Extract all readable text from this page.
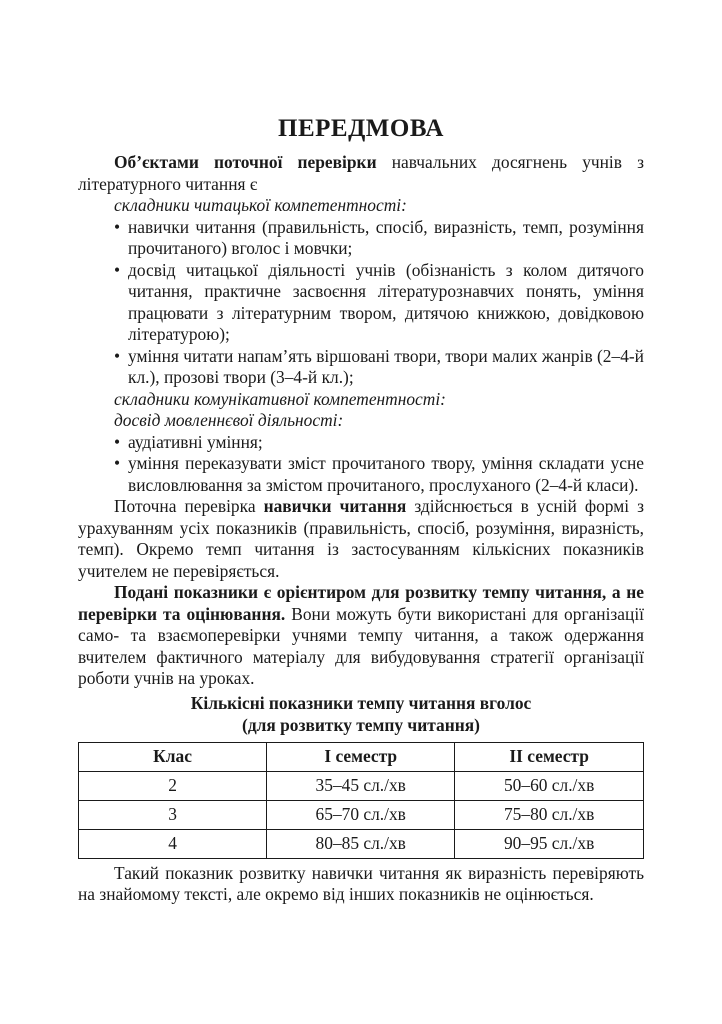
ПЕРЕДМОВА

Об’єктами поточної перевірки навчальних досягнень учнів з літературного читання є

складники читацької компетентності:
• навички читання (правильність, спосіб, виразність, темп, розуміння прочитаного) вголос і мовчки;
• досвід читацької діяльності учнів (обізнаність з колом дитячого читання, практичне засвоєння літературознавчих понять, уміння працювати з літературним твором, дитячою книжкою, довідковою літературою);
• уміння читати напам’ять віршовані твори, твори малих жанрів (2–4-й кл.), прозові твори (3–4-й кл.);
складники комунікативної компетентності:
досвід мовленнєвої діяльності:
• аудіативні уміння;
• уміння переказувати зміст прочитаного твору, уміння складати усне висловлювання за змістом прочитаного, прослуханого (2–4-й класи).

Поточна перевірка навички читання здійснюється в усній формі з урахуванням усіх показників (правильність, спосіб, розуміння, виразність, темп). Окремо темп читання із застосуванням кількісних показників учителем не перевіряється.

Подані показники є орієнтиром для розвитку темпу читання, а не перевірки та оцінювання. Вони можуть бути використані для організації само- та взаємоперевірки учнями темпу читання, а також одержання вчителем фактичного матеріалу для вибудовування стратегії організації роботи учнів на уроках.

Кількісні показники темпу читання вголос
(для розвитку темпу читання)
Клас	І семестр	ІІ семестр
2	35–45 сл./хв	50–60 сл./хв
3	65–70 сл./хв	75–80 сл./хв
4	80–85 сл./хв	90–95 сл./хв

Такий показник розвитку навички читання як виразність перевіряють на знайомому тексті, але окремо від інших показників не оцінюється.
